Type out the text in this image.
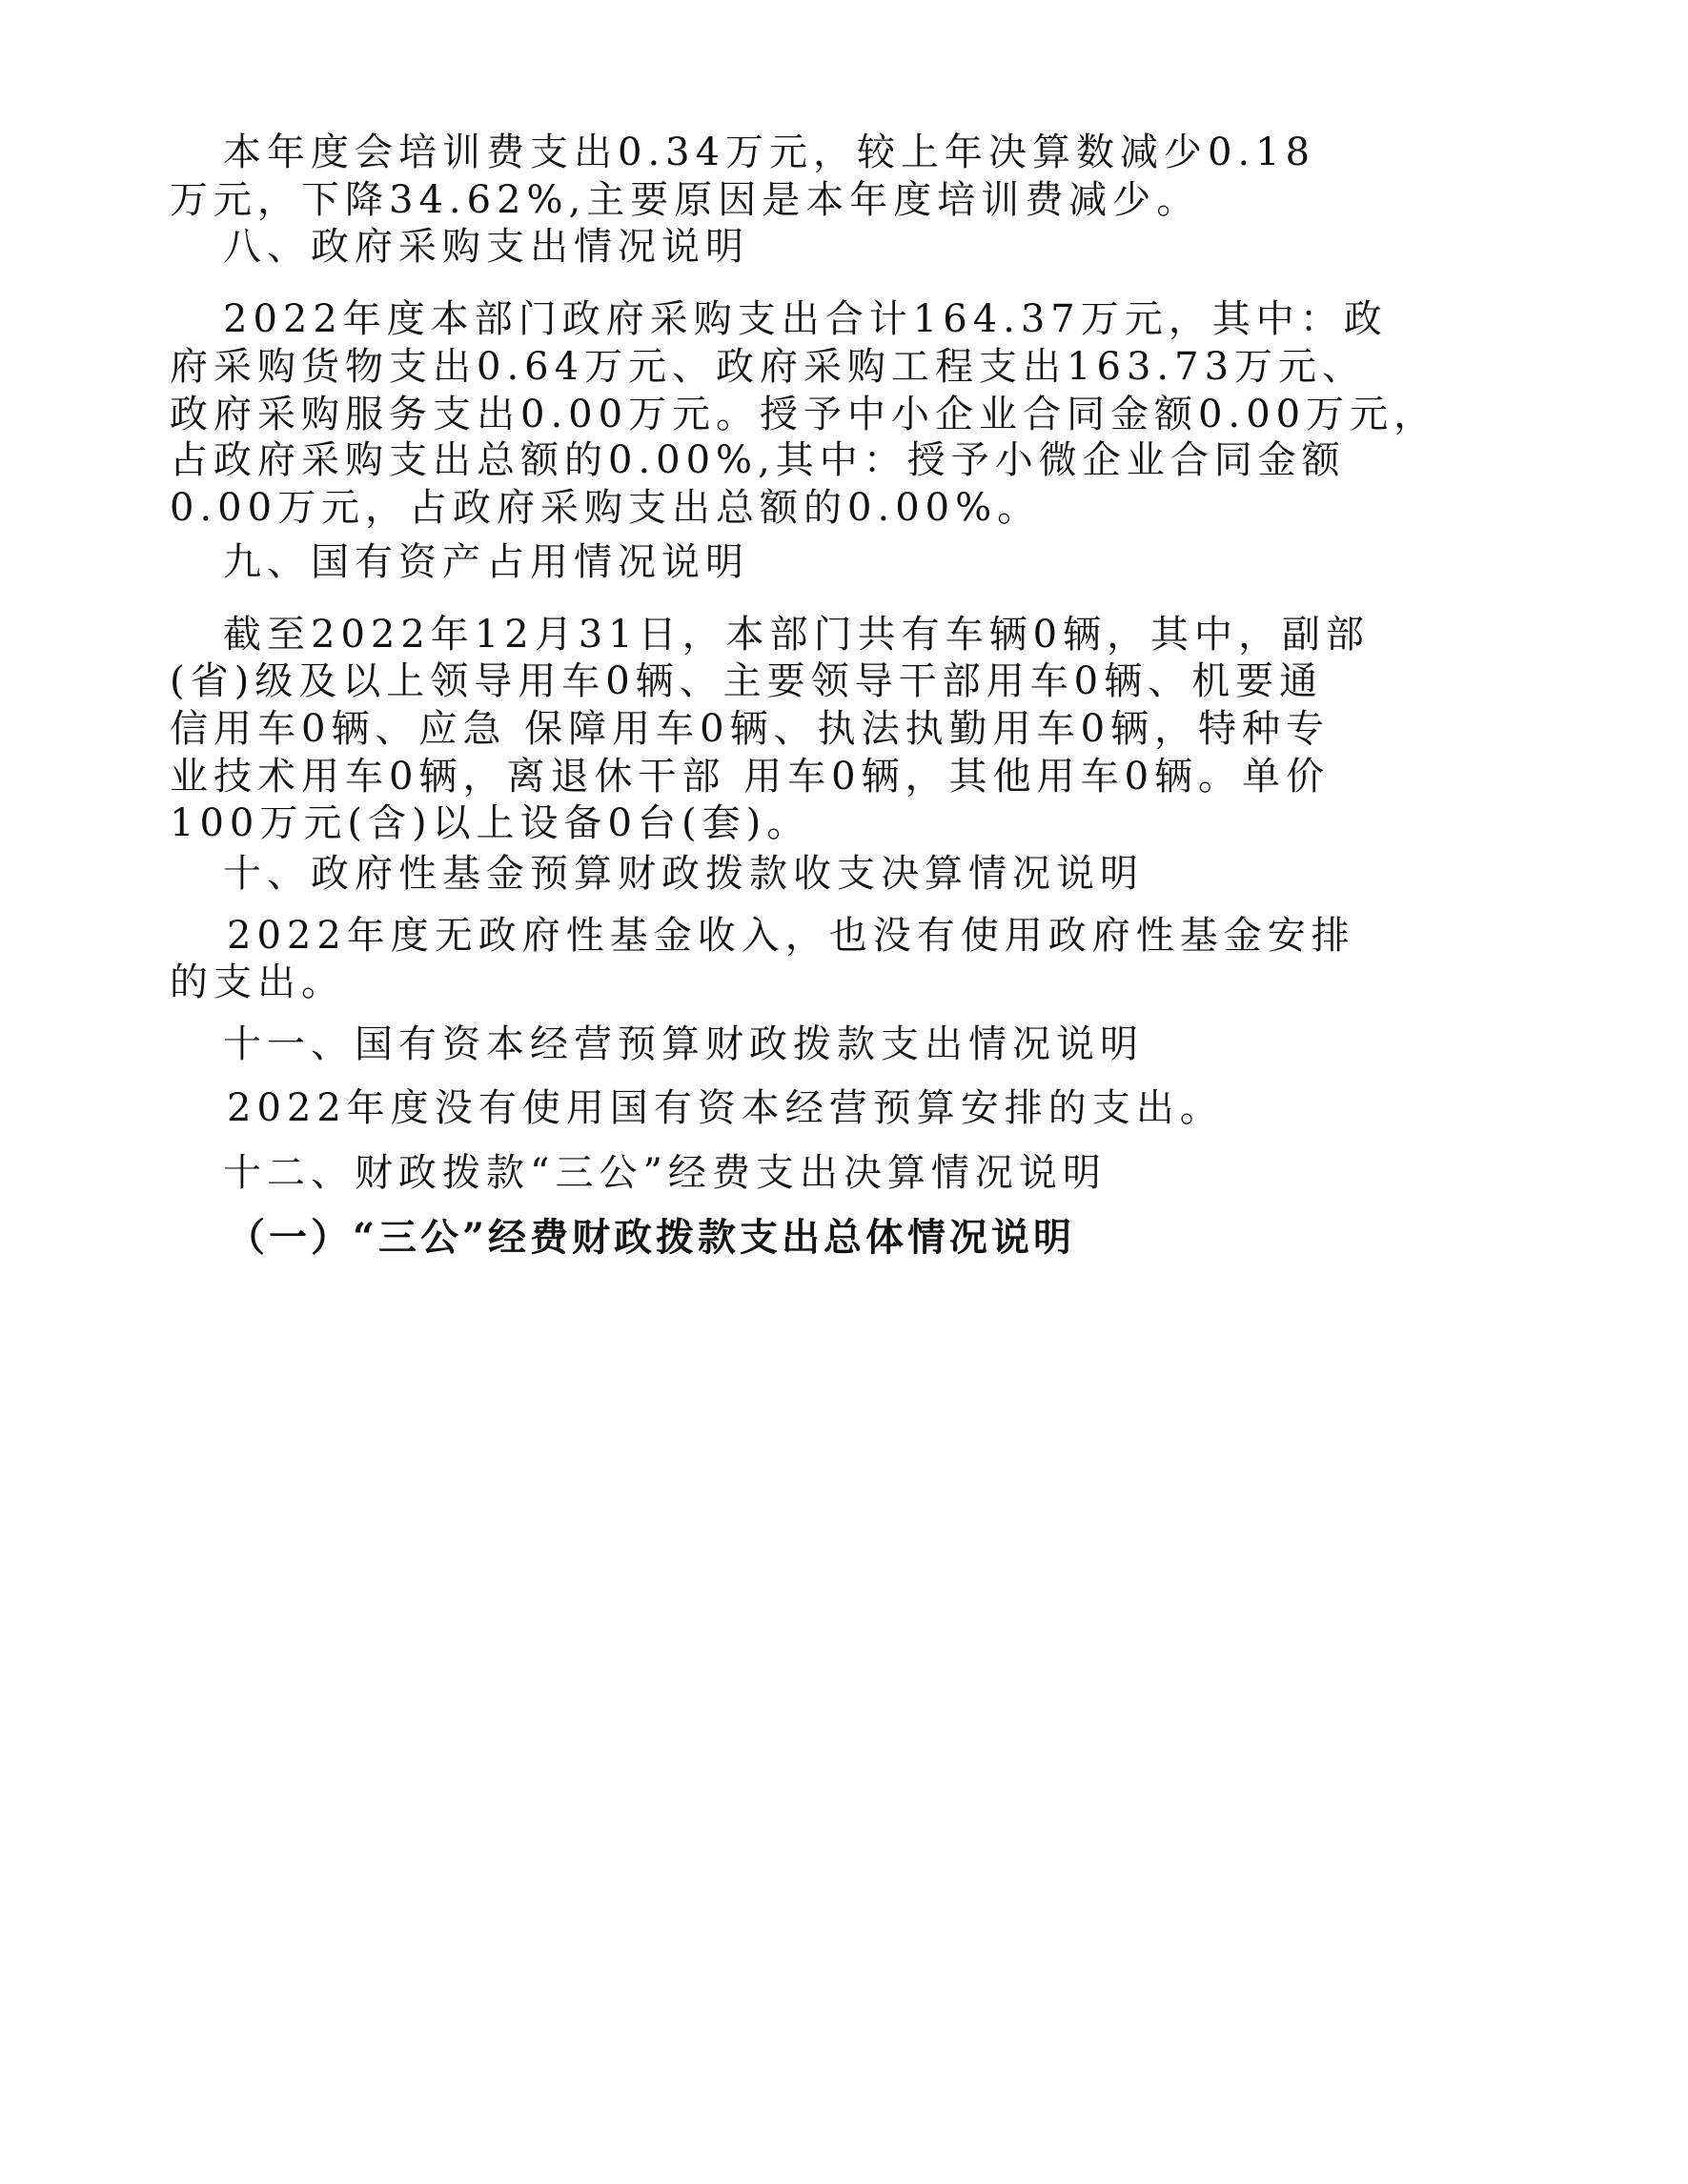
本年度会培训费支出0.34万元，较上年决算数减少0.18
万元，下降34.62%,主要原因是本年度培训费减少。
八、政府采购支出情况说明
2022年度本部门政府采购支出合计164.37万元，其中：政
府采购货物支出0.64万元、政府采购工程支出163.73万元、
政府采购服务支出0.00万元。授予中小企业合同金额0.00万元，
占政府采购支出总额的0.00%,其中：授予小微企业合同金额
0.00万元，占政府采购支出总额的0.00%。
九、国有资产占用情况说明
截至2022年12月31日，本部门共有车辆0辆，其中，副部
(省)级及以上领导用车0辆、主要领导干部用车0辆、机要通
信用车0辆、应急 保障用车0辆、执法执勤用车0辆，特种专
业技术用车0辆，离退休干部 用车0辆，其他用车0辆。单价
100万元(含)以上设备0台(套)。
十、政府性基金预算财政拨款收支决算情况说明
2022年度无政府性基金收入，也没有使用政府性基金安排
的支出。
十一、国有资本经营预算财政拨款支出情况说明
2022年度没有使用国有资本经营预算安排的支出。
十二、财政拨款“三公”经费支出决算情况说明
（一）“三公”经费财政拨款支出总体情况说明
